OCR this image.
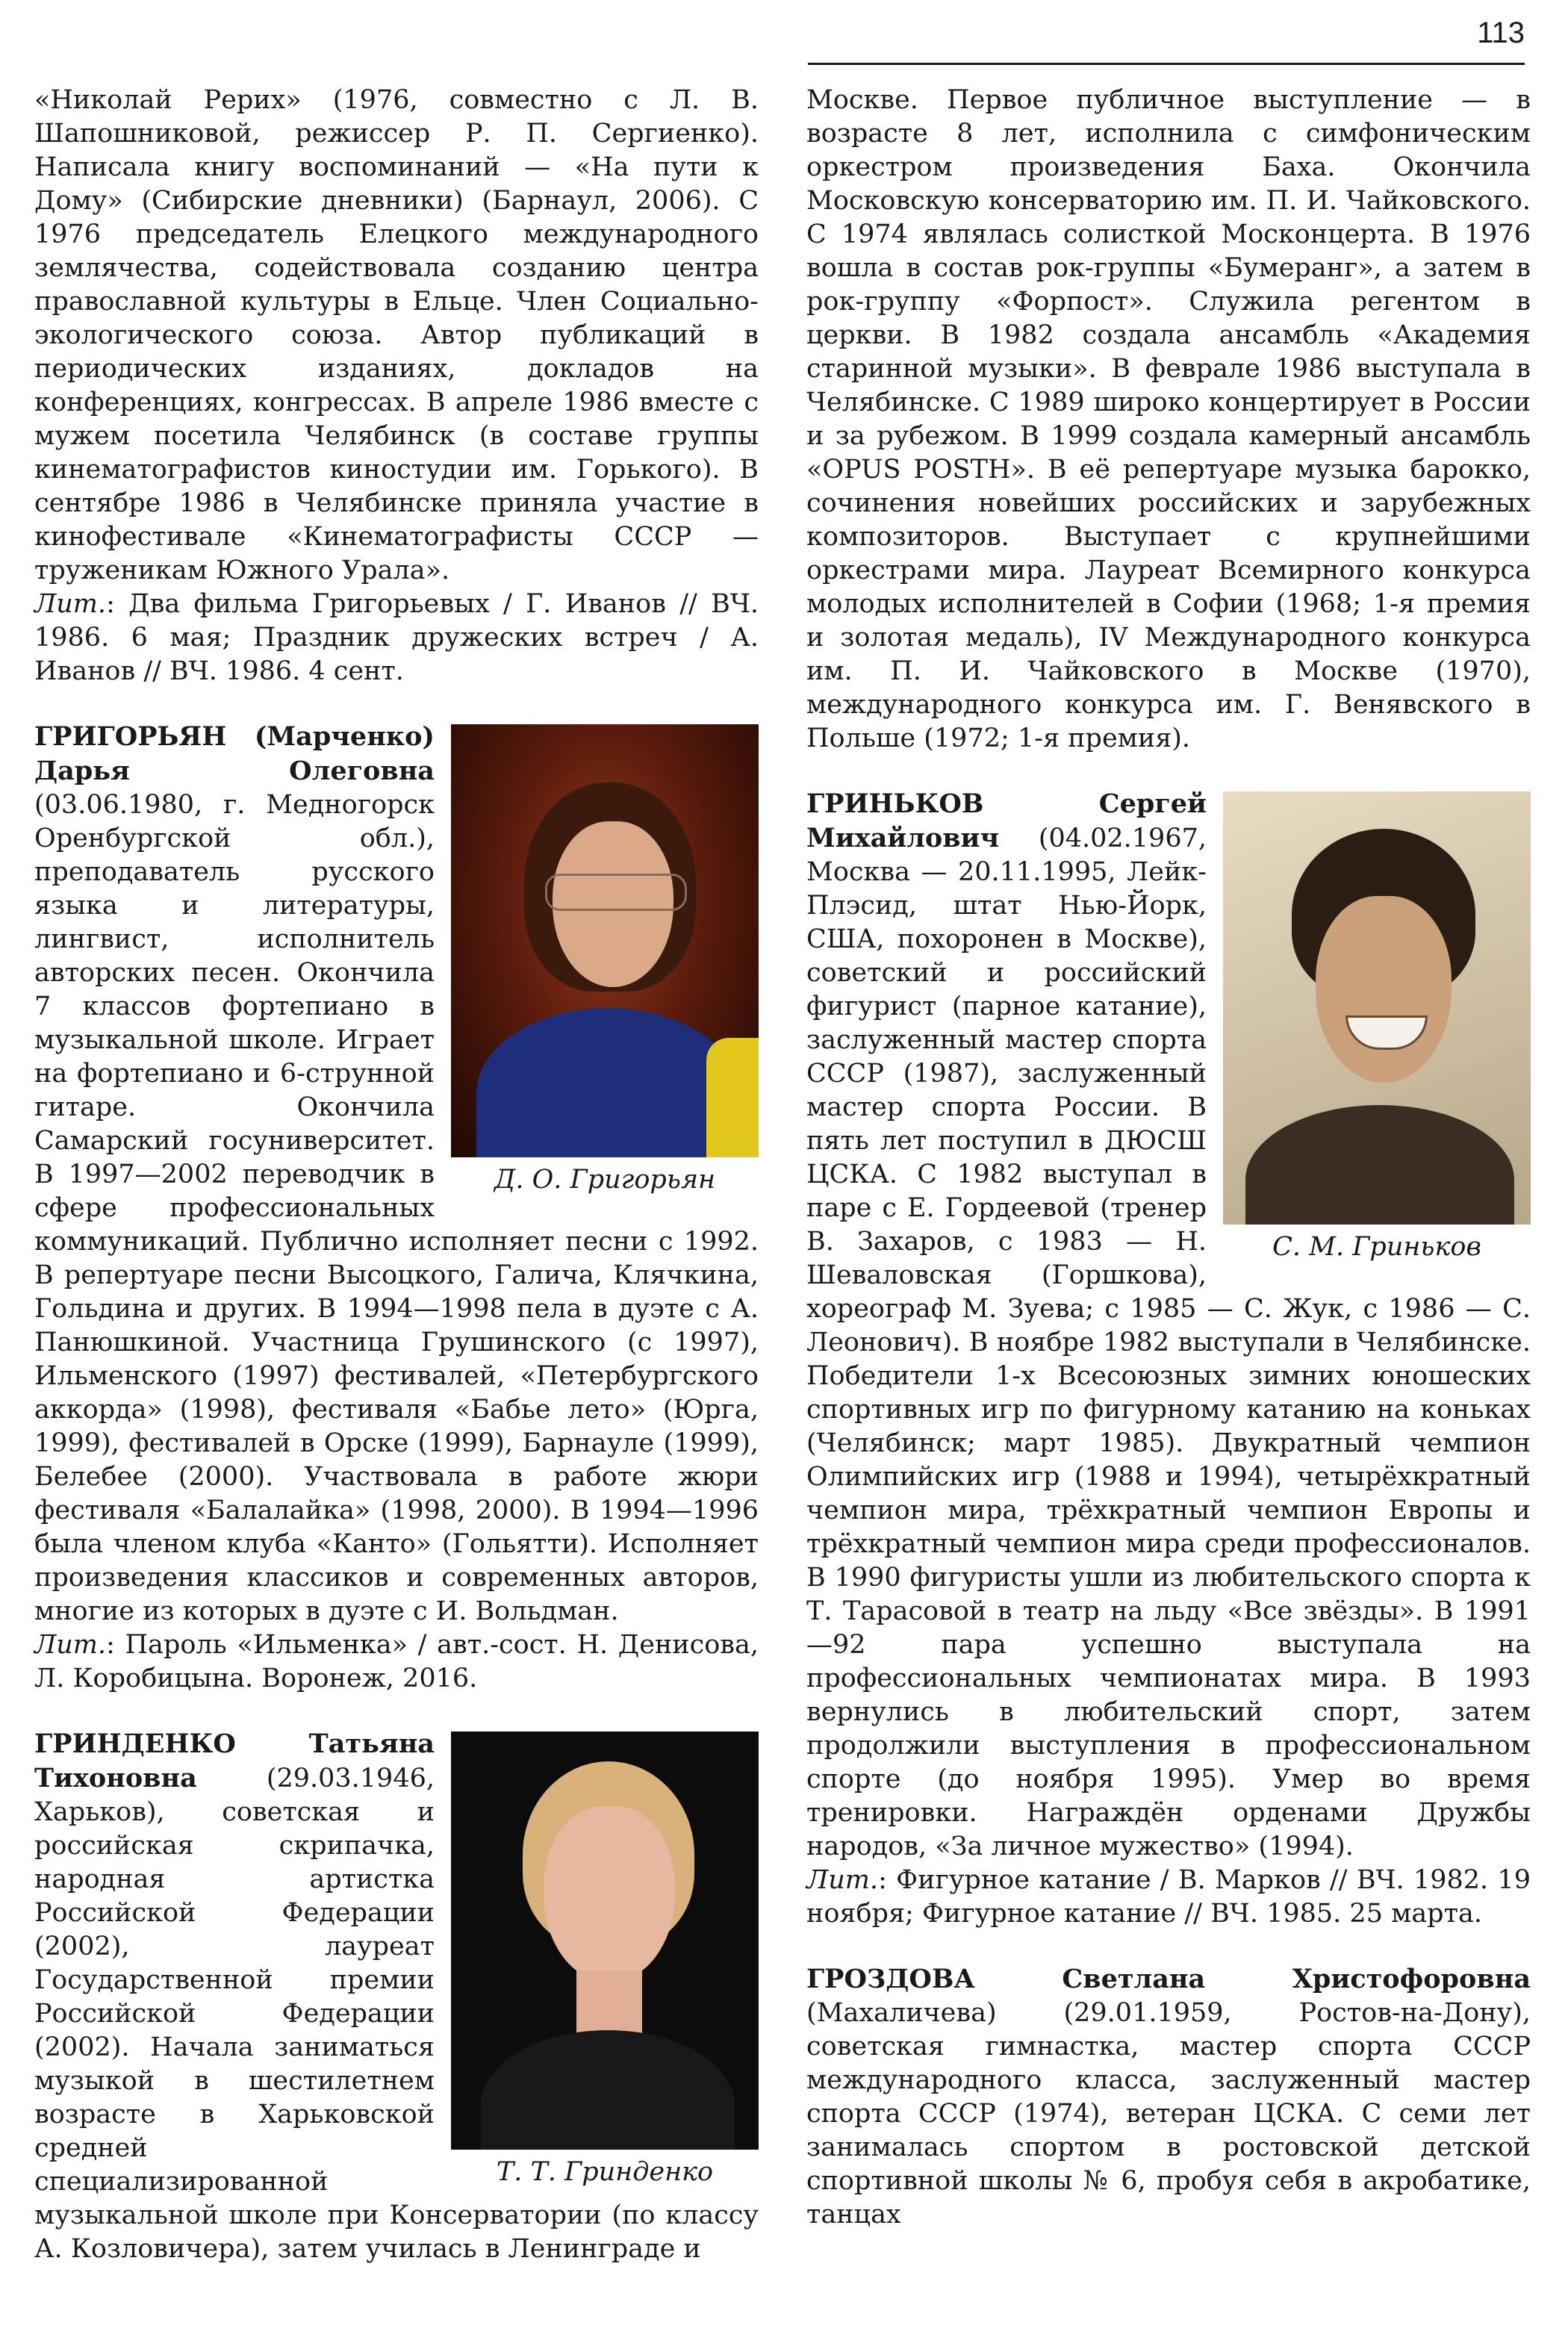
113

«Николай Рерих» (1976, совместно с Л. В. Шапошниковой, режиссер Р. П. Сергиенко). Написала книгу воспоминаний — «На пути к Дому» (Сибирские дневники) (Барнаул, 2006). С 1976 председатель Елецкого международного землячества, содействовала созданию центра православной культуры в Ельце. Член Социально-экологического союза. Автор публикаций в периодических изданиях, докладов на конференциях, конгрессах. В апреле 1986 вместе с мужем посетила Челябинск (в составе группы кинематографистов киностудии им. Горького). В сентябре 1986 в Челябинске приняла участие в кинофестивале «Кинематографисты СССР — труженикам Южного Урала».

Лит.: Два фильма Григорьевых / Г. Иванов // ВЧ. 1986. 6 мая; Праздник дружеских встреч / А. Иванов // ВЧ. 1986. 4 сент.

Д. О. Григорьян

ГРИГОРЬЯН (Марченко) Дарья Олеговна (03.06.1980, г. Медногорск Оренбургской обл.), преподаватель русского языка и литературы, лингвист, исполнитель авторских песен. Окончила 7 классов фортепиано в музыкальной школе. Играет на фортепиано и 6-струнной гитаре. Окончила Самарский госуниверситет. В 1997—2002 переводчик в сфере профессиональных коммуникаций. Публично исполняет песни с 1992. В репертуаре песни Высоцкого, Галича, Клячкина, Гольдина и других. В 1994—1998 пела в дуэте с А. Панюшкиной. Участница Грушинского (с 1997), Ильменского (1997) фестивалей, «Петербургского аккорда» (1998), фестиваля «Бабье лето» (Юрга, 1999), фестивалей в Орске (1999), Барнауле (1999), Белебее (2000). Участвовала в работе жюри фестиваля «Балалайка» (1998, 2000). В 1994—1996 была членом клуба «Канто» (Гольятти). Исполняет произведения классиков и современных авторов, многие из которых в дуэте с И. Вольдман.

Лит.: Пароль «Ильменка» / авт.-сост. Н. Денисова, Л. Коробицына. Воронеж, 2016.

Т. Т. Гринденко

ГРИНДЕНКО Татьяна Тихоновна (29.03.1946, Харьков), советская и российская скрипачка, народная артистка Российской Федерации (2002), лауреат Государственной премии Российской Федерации (2002). Начала заниматься музыкой в шестилетнем возрасте в Харьковской средней специализированной музыкальной школе при Консерватории (по классу А. Козловичера), затем училась в Ленинграде и

Москве. Первое публичное выступление — в возрасте 8 лет, исполнила с симфоническим оркестром произведения Баха. Окончила Московскую консерваторию им. П. И. Чайковского. С 1974 являлась солисткой Москонцерта. В 1976 вошла в состав рок-группы «Бумеранг», а затем в рок-группу «Форпост». Служила регентом в церкви. В 1982 создала ансамбль «Академия старинной музыки». В феврале 1986 выступала в Челябинске. С 1989 широко концертирует в России и за рубежом. В 1999 создала камерный ансамбль «OPUS POSTH». В её репертуаре музыка барокко, сочинения новейших российских и зарубежных композиторов. Выступает с крупнейшими оркестрами мира. Лауреат Всемирного конкурса молодых исполнителей в Софии (1968; 1-я премия и золотая медаль), IV Международного конкурса им. П. И. Чайковского в Москве (1970), международного конкурса им. Г. Венявского в Польше (1972; 1-я премия).

С. М. Гриньков

ГРИНЬКОВ Сергей Михайлович (04.02.1967, Москва — 20.11.1995, Лейк-Плэсид, штат Нью-Йорк, США, похоронен в Москве), советский и российский фигурист (парное катание), заслуженный мастер спорта СССР (1987), заслуженный мастер спорта России. В пять лет поступил в ДЮСШ ЦСКА. С 1982 выступал в паре с Е. Гордеевой (тренер В. Захаров, с 1983 — Н. Шеваловская (Горшкова), хореограф М. Зуева; с 1985 — С. Жук, с 1986 — С. Леонович). В ноябре 1982 выступали в Челябинске. Победители 1-х Всесоюзных зимних юношеских спортивных игр по фигурному катанию на коньках (Челябинск; март 1985). Двукратный чемпион Олимпийских игр (1988 и 1994), четырёхкратный чемпион мира, трёхкратный чемпион Европы и трёхкратный чемпион мира среди профессионалов. В 1990 фигуристы ушли из любительского спорта к Т. Тарасовой в театр на льду «Все звёзды». В 1991—92 пара успешно выступала на профессиональных чемпионатах мира. В 1993 вернулись в любительский спорт, затем продолжили выступления в профессиональном спорте (до ноября 1995). Умер во время тренировки. Награждён орденами Дружбы народов, «За личное мужество» (1994).

Лит.: Фигурное катание / В. Марков // ВЧ. 1982. 19 ноября; Фигурное катание // ВЧ. 1985. 25 марта.

ГРОЗДОВА Светлана Христофоровна (Махаличева) (29.01.1959, Ростов-на-Дону), советская гимнастка, мастер спорта СССР международного класса, заслуженный мастер спорта СССР (1974), ветеран ЦСКА. С семи лет занималась спортом в ростовской детской спортивной школы № 6, пробуя себя в акробатике, танцах
